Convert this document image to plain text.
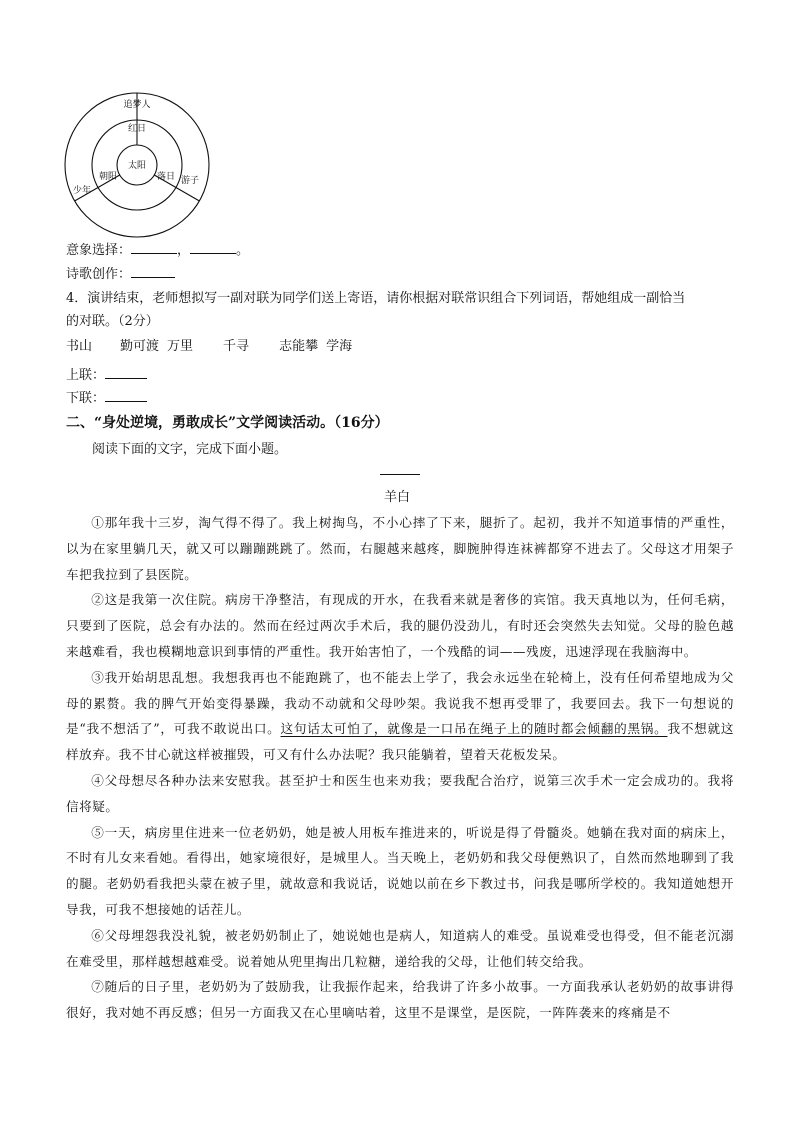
太阳
红日
朝阳	落日
追梦人
少年
游子
意象选择：	，	。
诗歌创作：
4．演讲结束，老师想拟写一副对联为同学们送上寄语，请你根据对联常识组合下列词语，帮她组成一副恰当
的对联。（2分）
书山 勤可渡 万里 千寻 志能攀 学海
上联：
下联：
二、“身处逆境，勇敢成长”文学阅读活动。（16分）
阅读下面的文字，完成下面小题。
羊白

①那年我十三岁，淘气得不得了。我上树掏鸟，不小心摔了下来，腿折了。起初，我并不知道事情的严重性，以为在家里躺几天，就又可以蹦蹦跳跳了。然而，右腿越来越疼，脚腕肿得连袜裤都穿不进去了。父母这才用架子车把我拉到了县医院。

②这是我第一次住院。病房干净整洁，有现成的开水，在我看来就是奢侈的宾馆。我天真地以为，任何毛病，只要到了医院，总会有办法的。然而在经过两次手术后，我的腿仍没劲儿，有时还会突然失去知觉。父母的脸色越来越难看，我也模糊地意识到事情的严重性。我开始害怕了，一个残酷的词——残废，迅速浮现在我脑海中。

③我开始胡思乱想。我想我再也不能跑跳了，也不能去上学了，我会永远坐在轮椅上，没有任何希望地成为父母的累赘。我的脾气开始变得暴躁，我动不动就和父母吵架。我说我不想再受罪了，我要回去。我下一句想说的是“我不想活了”，可我不敢说出口。这句话太可怕了，就像是一口吊在绳子上的随时都会倾翻的黑锅。我不想就这样放弃。我不甘心就这样被摧毁，可又有什么办法呢？我只能躺着，望着天花板发呆。

④父母想尽各种办法来安慰我。甚至护士和医生也来劝我；要我配合治疗，说第三次手术一定会成功的。我将信将疑。

⑤一天，病房里住进来一位老奶奶，她是被人用板车推进来的，听说是得了骨髓炎。她躺在我对面的病床上，不时有儿女来看她。看得出，她家境很好，是城里人。当天晚上，老奶奶和我父母便熟识了，自然而然地聊到了我的腿。老奶奶看我把头蒙在被子里，就故意和我说话，说她以前在乡下教过书，问我是哪所学校的。我知道她想开导我，可我不想接她的话茬儿。

⑥父母埋怨我没礼貌，被老奶奶制止了，她说她也是病人，知道病人的难受。虽说难受也得受，但不能老沉溺在难受里，那样越想越难受。说着她从兜里掏出几粒糖，递给我的父母，让他们转交给我。

⑦随后的日子里，老奶奶为了鼓励我，让我振作起来，给我讲了许多小故事。一方面我承认老奶奶的故事讲得很好，我对她不再反感；但另一方面我又在心里嘀咕着，这里不是课堂，是医院，一阵阵袭来的疼痛是不
